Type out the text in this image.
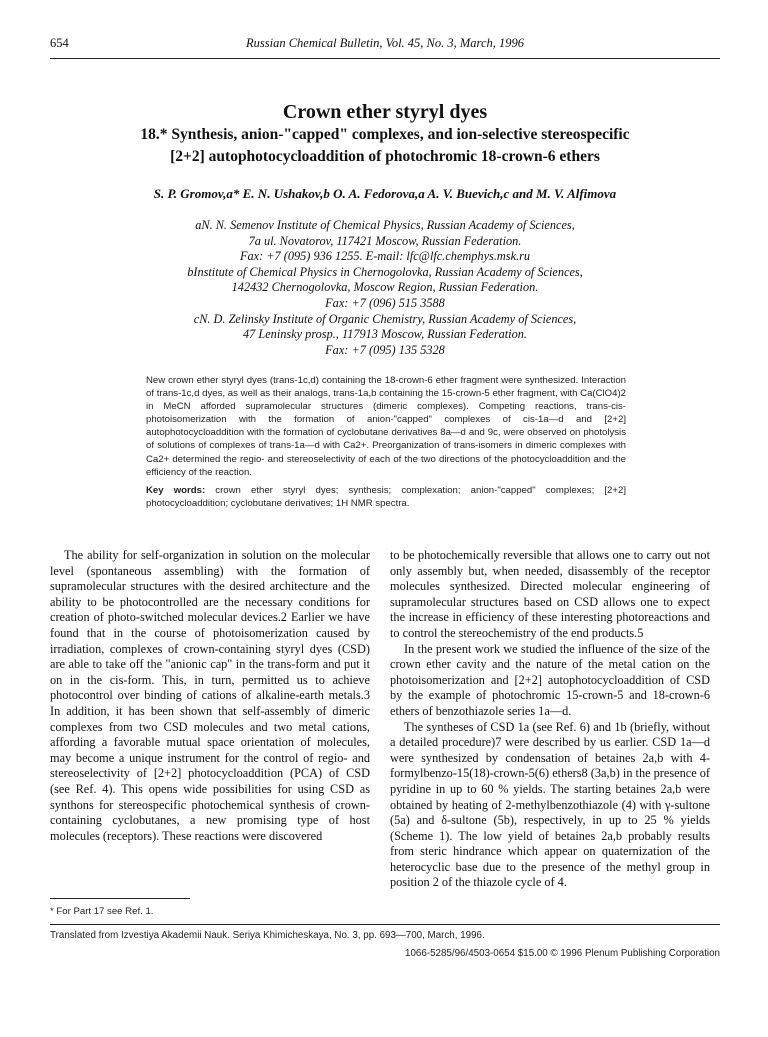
654	Russian Chemical Bulletin, Vol. 45, No. 3, March, 1996

Crown ether styryl dyes

18.* Synthesis, anion-"capped" complexes, and ion-selective stereospecific

[2+2] autophotocycloaddition of photochromic 18-crown-6 ethers

S. P. Gromov,a* E. N. Ushakov,b O. A. Fedorova,a A. V. Buevich,c and M. V. Alfimova
aN. N. Semenov Institute of Chemical Physics, Russian Academy of Sciences,
7a ul. Novatorov, 117421 Moscow, Russian Federation.
Fax: +7 (095) 936 1255. E-mail: lfc@lfc.chemphys.msk.ru
bInstitute of Chemical Physics in Chernogolovka, Russian Academy of Sciences,
142432 Chernogolovka, Moscow Region, Russian Federation.
Fax: +7 (096) 515 3588
cN. D. Zelinsky Institute of Organic Chemistry, Russian Academy of Sciences,
47 Leninsky prosp., 117913 Moscow, Russian Federation.
Fax: +7 (095) 135 5328

New crown ether styryl dyes (trans-1c,d) containing the 18-crown-6 ether fragment were synthesized. Interaction of trans-1c,d dyes, as well as their analogs, trans-1a,b containing the 15-crown-5 ether fragment, with Ca(ClO4)2 in MeCN afforded supramolecular structures (dimeric complexes). Competing reactions, trans-cis-photoisomerization with the formation of anion-"capped" complexes of cis-1a—d and [2+2] autophotocycloaddition with the formation of cyclobutane derivatives 8a—d and 9c, were observed on photolysis of solutions of complexes of trans-1a—d with Ca2+. Preorganization of trans-isomers in dimeric complexes with Ca2+ determined the regio- and stereoselectivity of each of the two directions of the photocycloaddition and the efficiency of the reaction.

Key words: crown ether styryl dyes; synthesis; complexation; anion-"capped" complexes; [2+2] photocycloaddition; cyclobutane derivatives; 1H NMR spectra.

The ability for self-organization in solution on the molecular level (spontaneous assembling) with the formation of supramolecular structures with the desired architecture and the ability to be photocontrolled are the necessary conditions for creation of photo-switched molecular devices.2 Earlier we have found that in the course of photoisomerization caused by irradiation, complexes of crown-containing styryl dyes (CSD) are able to take off the "anionic cap" in the trans-form and put it on in the cis-form. This, in turn, permitted us to achieve photocontrol over binding of cations of alkaline-earth metals.3 In addition, it has been shown that self-assembly of dimeric complexes from two CSD molecules and two metal cations, affording a favorable mutual space orientation of molecules, may become a unique instrument for the control of regio- and stereoselectivity of [2+2] photocycloaddition (PCA) of CSD (see Ref. 4). This opens wide possibilities for using CSD as synthons for stereospecific photochemical synthesis of crown-containing cyclobutanes, a new promising type of host molecules (receptors). These reactions were discovered

to be photochemically reversible that allows one to carry out not only assembly but, when needed, disassembly of the receptor molecules synthesized. Directed molecular engineering of supramolecular structures based on CSD allows one to expect the increase in efficiency of these interesting photoreactions and to control the stereochemistry of the end products.5

In the present work we studied the influence of the size of the crown ether cavity and the nature of the metal cation on the photoisomerization and [2+2] autophotocycloaddition of CSD by the example of photochromic 15-crown-5 and 18-crown-6 ethers of benzothiazole series 1a—d.

The syntheses of CSD 1a (see Ref. 6) and 1b (briefly, without a detailed procedure)7 were described by us earlier. CSD 1a—d were synthesized by condensation of betaines 2a,b with 4-formylbenzo-15(18)-crown-5(6) ethers8 (3a,b) in the presence of pyridine in up to 60 % yields. The starting betaines 2a,b were obtained by heating of 2-methylbenzothiazole (4) with γ-sultone (5a) and δ-sultone (5b), respectively, in up to 25 % yields (Scheme 1). The low yield of betaines 2a,b probably results from steric hindrance which appear on quaternization of the heterocyclic base due to the presence of the methyl group in position 2 of the thiazole cycle of 4.

* For Part 17 see Ref. 1.
Translated from Izvestiya Akademii Nauk. Seriya Khimicheskaya, No. 3, pp. 693—700, March, 1996.
1066-5285/96/4503-0654 $15.00 © 1996 Plenum Publishing Corporation
